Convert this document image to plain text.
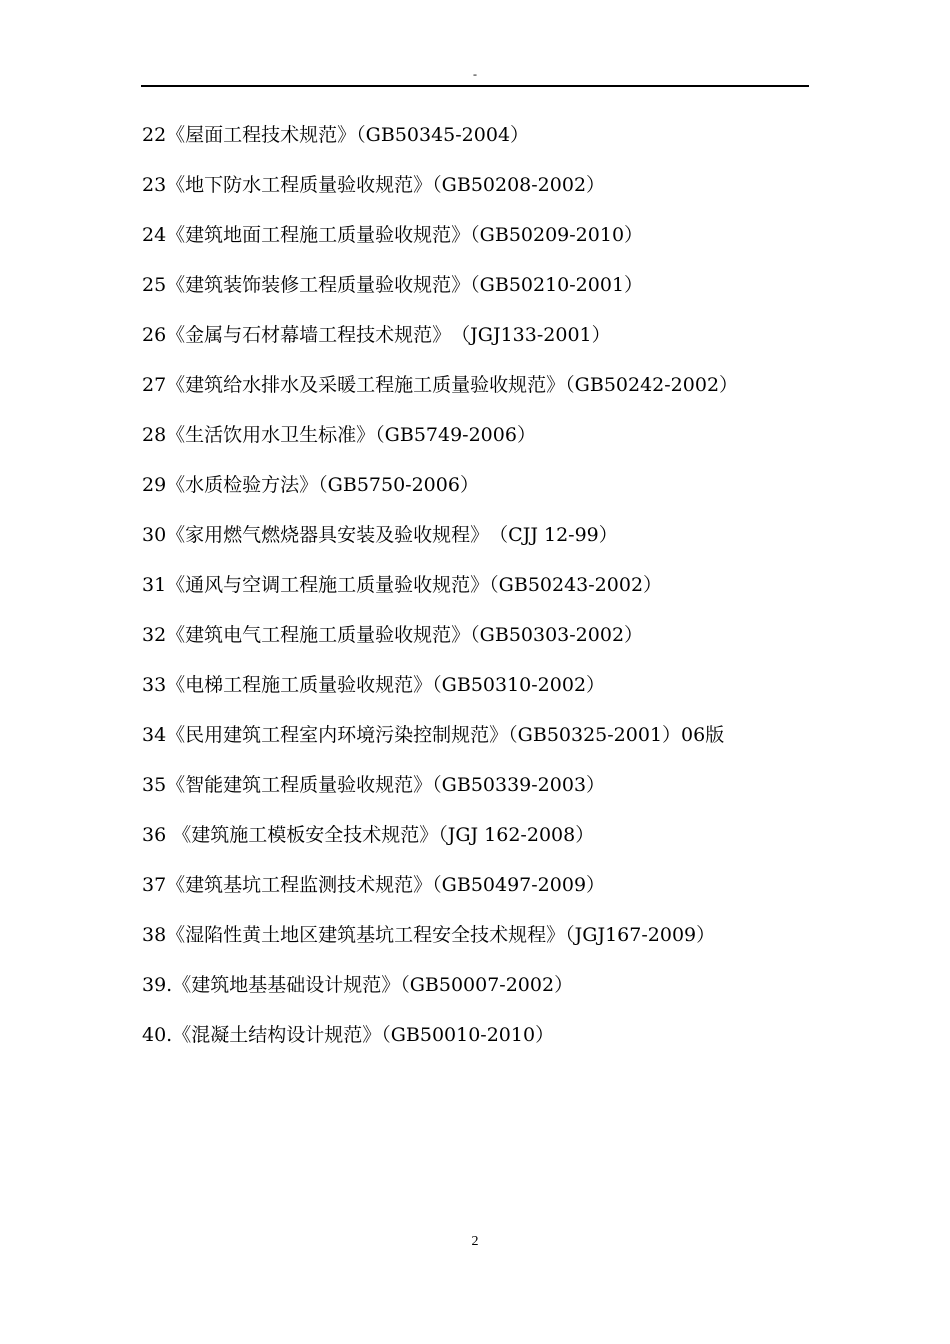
-
22《屋面工程技术规范》（GB50345-2004）
23《地下防水工程质量验收规范》（GB50208-2002）
24《建筑地面工程施工质量验收规范》（GB50209-2010）
25《建筑装饰装修工程质量验收规范》（GB50210-2001）
26《金属与石材幕墙工程技术规范》　（JGJ133-2001）
27《建筑给水排水及采暖工程施工质量验收规范》（GB50242-2002）
28《生活饮用水卫生标准》（GB5749-2006）
29《水质检验方法》（GB5750-2006）
30《家用燃气燃烧器具安装及验收规程》　（CJJ 12-99）
31《通风与空调工程施工质量验收规范》（GB50243-2002）
32《建筑电气工程施工质量验收规范》（GB50303-2002）
33《电梯工程施工质量验收规范》（GB50310-2002）
34《民用建筑工程室内环境污染控制规范》（GB50325-2001）06版
35《智能建筑工程质量验收规范》（GB50339-2003）
36 《建筑施工模板安全技术规范》（JGJ 162-2008）
37《建筑基坑工程监测技术规范》（GB50497-2009）
38《湿陷性黄土地区建筑基坑工程安全技术规程》（JGJ167-2009）
39.《建筑地基基础设计规范》（GB50007-2002）
40.《混凝土结构设计规范》（GB50010-2010）
2
